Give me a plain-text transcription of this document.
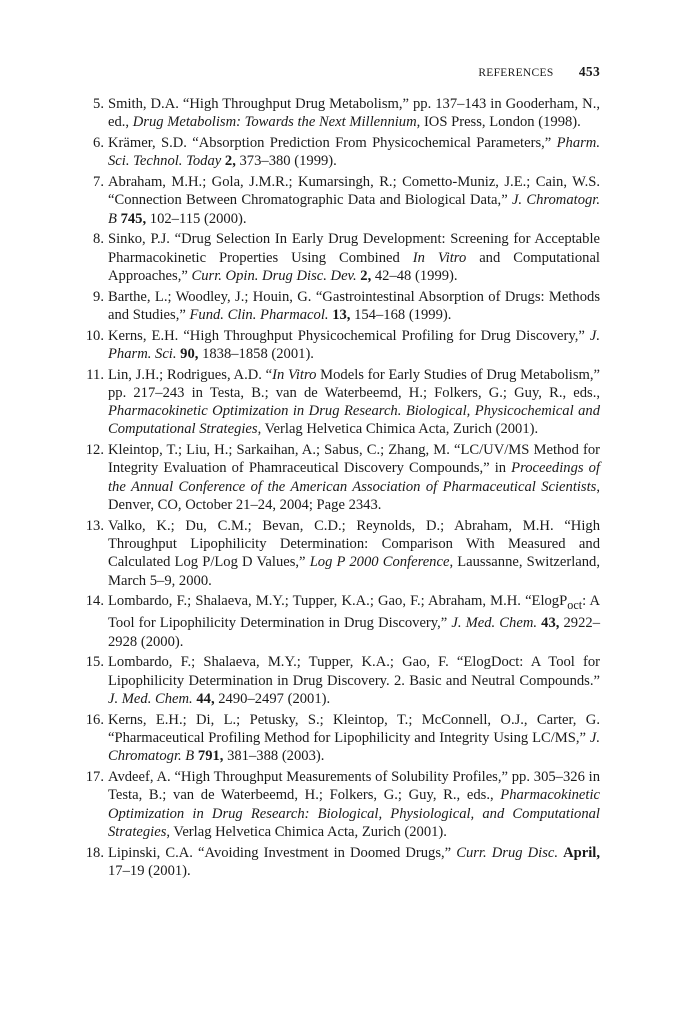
REFERENCES 453
5 . Smith, D.A. “High Throughput Drug Metabolism,” pp. 137–143 in Gooderham, N., ed., Drug Metabolism: Towards the Next Millennium, IOS Press, London (1998).
6 . Krämer, S.D. “Absorption Prediction From Physicochemical Parameters,” Pharm. Sci. Technol. Today 2, 373–380 (1999).
7 . Abraham, M.H.; Gola, J.M.R.; Kumarsingh, R.; Cometto-Muniz, J.E.; Cain, W.S. “Connection Between Chromatographic Data and Biological Data,” J. Chromatogr. B 745, 102–115 (2000).
8 . Sinko, P.J. “Drug Selection In Early Drug Development: Screening for Acceptable Pharmacokinetic Properties Using Combined In Vitro and Computational Approaches,” Curr. Opin. Drug Disc. Dev. 2, 42–48 (1999).
9 . Barthe, L.; Woodley, J.; Houin, G. “Gastrointestinal Absorption of Drugs: Methods and Studies,” Fund. Clin. Pharmacol. 13, 154–168 (1999).
10 . Kerns, E.H. “High Throughput Physicochemical Profiling for Drug Discovery,” J. Pharm. Sci. 90, 1838–1858 (2001).
11 . Lin, J.H.; Rodrigues, A.D. “In Vitro Models for Early Studies of Drug Metabolism,” pp. 217–243 in Testa, B.; van de Waterbeemd, H.; Folkers, G.; Guy, R., eds., Pharmacokinetic Optimization in Drug Research. Biological, Physicochemical and Computational Strategies, Verlag Helvetica Chimica Acta, Zurich (2001).
12 . Kleintop, T.; Liu, H.; Sarkaihan, A.; Sabus, C.; Zhang, M. “LC/UV/MS Method for Integrity Evaluation of Phamraceutical Discovery Compounds,” in Proceedings of the Annual Conference of the American Association of Pharmaceutical Scientists, Denver, CO, October 21–24, 2004; Page 2343.
13 . Valko, K.; Du, C.M.; Bevan, C.D.; Reynolds, D.; Abraham, M.H. “High Throughput Lipophilicity Determination: Comparison With Measured and Calculated Log P/Log D Values,” Log P 2000 Conference, Laussanne, Switzerland, March 5–9, 2000.
14 . Lombardo, F.; Shalaeva, M.Y.; Tupper, K.A.; Gao, F.; Abraham, M.H. “ElogP$_{oct}$: A Tool for Lipophilicity Determination in Drug Discovery,” J. Med. Chem. 43, 2922–2928 (2000).
15 . Lombardo, F.; Shalaeva, M.Y.; Tupper, K.A.; Gao, F. “ElogDoct: A Tool for Lipophilicity Determination in Drug Discovery. 2. Basic and Neutral Compounds.” J. Med. Chem. 44, 2490–2497 (2001).
16 . Kerns, E.H.; Di, L.; Petusky, S.; Kleintop, T.; McConnell, O.J., Carter, G. “Pharmaceutical Profiling Method for Lipophilicity and Integrity Using LC/MS,” J. Chromatogr. B 791, 381–388 (2003).
17 . Avdeef, A. “High Throughput Measurements of Solubility Profiles,” pp. 305–326 in Testa, B.; van de Waterbeemd, H.; Folkers, G.; Guy, R., eds., Pharmacokinetic Optimization in Drug Research: Biological, Physiological, and Computational Strategies, Verlag Helvetica Chimica Acta, Zurich (2001).
18 . Lipinski, C.A. “Avoiding Investment in Doomed Drugs,” Curr. Drug Disc. April, 17–19 (2001).
